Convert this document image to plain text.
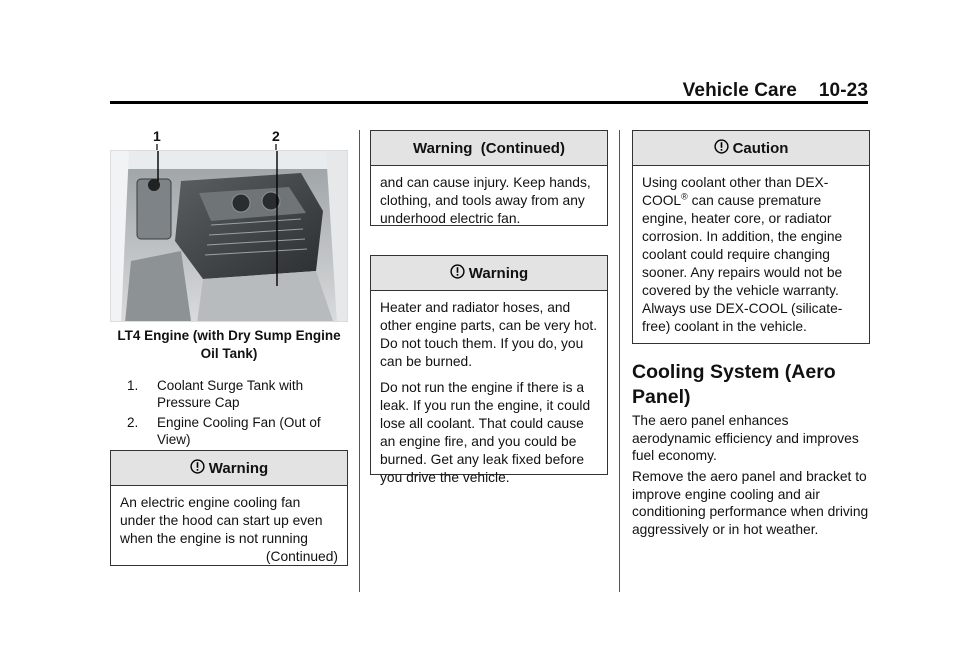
Vehicle Care 10-23
1	2
LT4 Engine (with Dry Sump Engine Oil Tank)
1. Coolant Surge Tank with Pressure Cap
2. Engine Cooling Fan (Out of View)
Warning

An electric engine cooling fan under the hood can start up even when the engine is not running

(Continued)
Warning  (Continued)

and can cause injury. Keep hands, clothing, and tools away from any underhood electric fan.

Warning

Heater and radiator hoses, and other engine parts, can be very hot. Do not touch them. If you do, you can be burned.

Do not run the engine if there is a leak. If you run the engine, it could lose all coolant. That could cause an engine fire, and you could be burned. Get any leak fixed before you drive the vehicle.

Caution

Using coolant other than DEX-COOL® can cause premature engine, heater core, or radiator corrosion. In addition, the engine coolant could require changing sooner. Any repairs would not be covered by the vehicle warranty. Always use DEX-COOL (silicate-free) coolant in the vehicle.

Cooling System (Aero Panel)

The aero panel enhances aerodynamic efficiency and improves fuel economy.

Remove the aero panel and bracket to improve engine cooling and air conditioning performance when driving aggressively or in hot weather.
